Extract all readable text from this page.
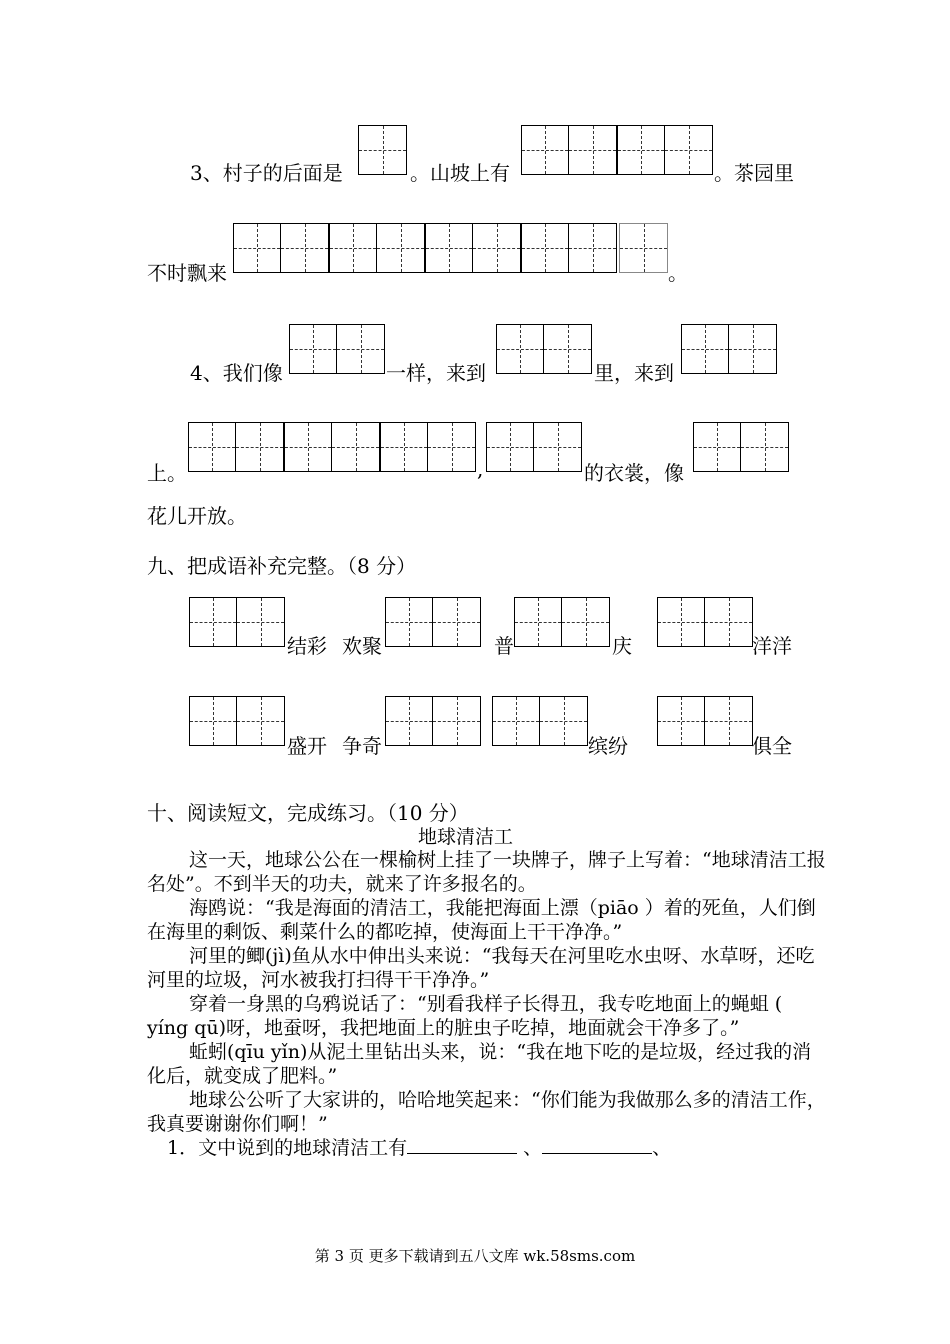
3、村子的后面是	。山坡上有	。茶园里
不时飘来	。
4、我们像	一样，来到	里，来到
上。	,	的衣裳，像
花儿开放。
九、把成语补充完整。（8 分）
结彩 欢聚	普	庆	洋洋
盛开 争奇	缤纷	俱全
十、阅读短文，完成练习。（10 分）
地球清洁工

这一天，地球公公在一棵榆树上挂了一块牌子，牌子上写着：“地球清洁工报名处”。不到半天的功夫，就来了许多报名的。

海鸥说：“我是海面的清洁工，我能把海面上漂（piāo ）着的死鱼，人们倒在海里的剩饭、剩菜什么的都吃掉，使海面上干干净净。”

河里的鲫(jì)鱼从水中伸出头来说：“我每天在河里吃水虫呀、水草呀，还吃河里的垃圾，河水被我打扫得干干净净。”

穿着一身黑的乌鸦说话了：“别看我样子长得丑，我专吃地面上的蝇蛆 ( yíng qū)呀，地蚕呀，我把地面上的脏虫子吃掉，地面就会干净多了。”

蚯蚓(qīu yǐn)从泥土里钻出头来，说：“我在地下吃的是垃圾，经过我的消化后，就变成了肥料。”

地球公公听了大家讲的，哈哈地笑起来：“你们能为我做那么多的清洁工作，我真要谢谢你们啊！”

1．文中说到的地球清洁工有	、	、

第 3 页 更多下载请到五八文库 wk.58sms.com
